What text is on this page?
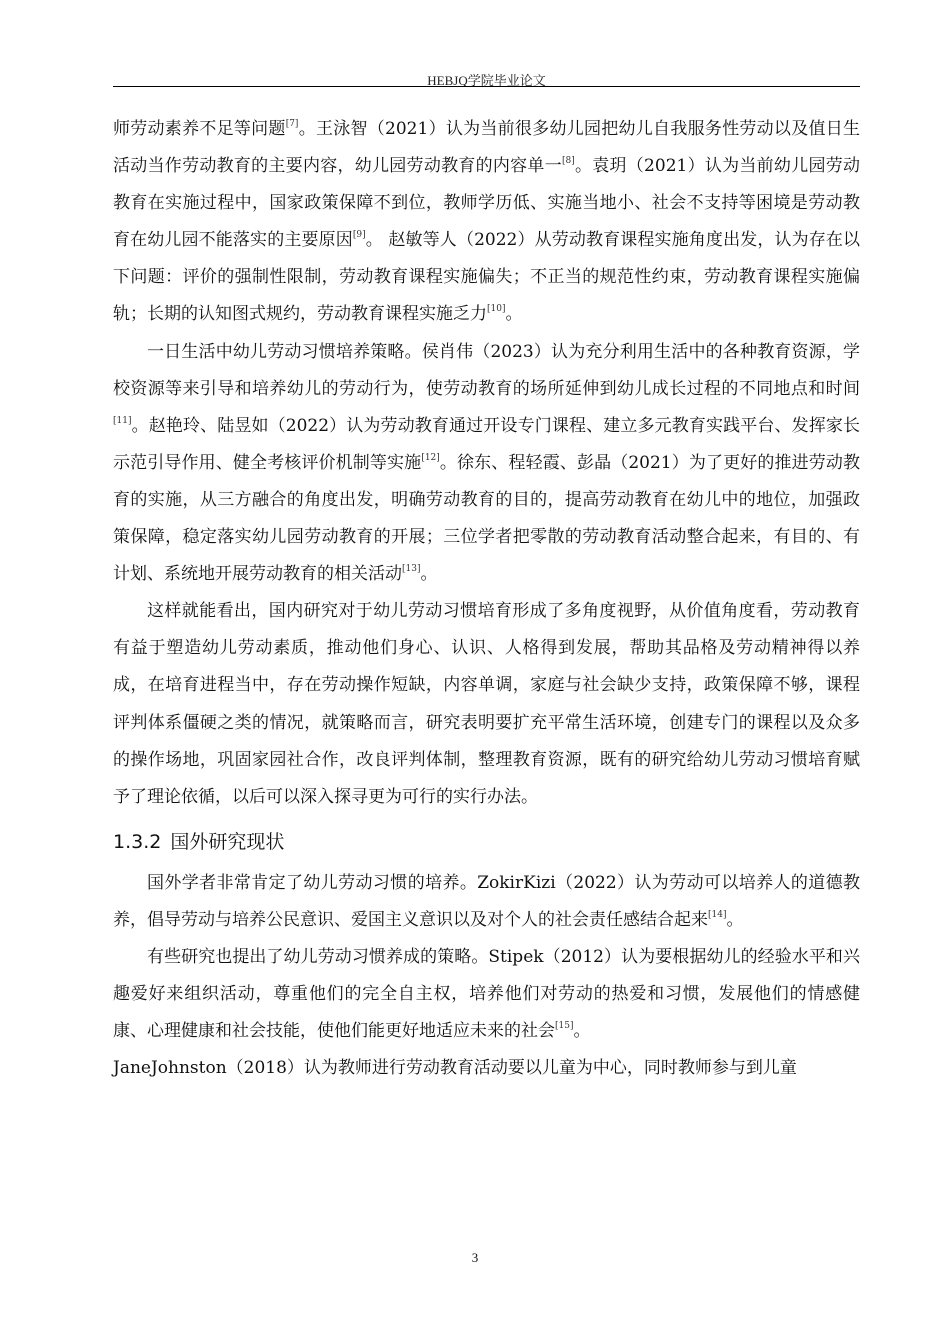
HEBJQ学院毕业论文

师劳动素养不足等问题[7]。王泳智（2021）认为当前很多幼儿园把幼儿自我服务性劳动以及值日生活动当作劳动教育的主要内容，幼儿园劳动教育的内容单一[8]。袁玥（2021）认为当前幼儿园劳动教育在实施过程中，国家政策保障不到位，教师学历低、实施当地小、社会不支持等困境是劳动教育在幼儿园不能落实的主要原因[9]。 赵敏等人（2022）从劳动教育课程实施角度出发，认为存在以下问题：评价的强制性限制，劳动教育课程实施偏失；不正当的规范性约束，劳动教育课程实施偏轨；长期的认知图式规约，劳动教育课程实施乏力[10]。

一日生活中幼儿劳动习惯培养策略。侯肖伟（2023）认为充分利用生活中的各种教育资源，学校资源等来引导和培养幼儿的劳动行为，使劳动教育的场所延伸到幼儿成长过程的不同地点和时间[11]。赵艳玲、陆昱如（2022）认为劳动教育通过开设专门课程、建立多元教育实践平台、发挥家长示范引导作用、健全考核评价机制等实施[12]。徐东、程轻霞、彭晶（2021）为了更好的推进劳动教育的实施，从三方融合的角度出发，明确劳动教育的目的，提高劳动教育在幼儿中的地位，加强政策保障，稳定落实幼儿园劳动教育的开展；三位学者把零散的劳动教育活动整合起来，有目的、有计划、系统地开展劳动教育的相关活动[13]。

这样就能看出，国内研究对于幼儿劳动习惯培育形成了多角度视野，从价值角度看，劳动教育有益于塑造幼儿劳动素质，推动他们身心、认识、人格得到发展，帮助其品格及劳动精神得以养成，在培育进程当中，存在劳动操作短缺，内容单调，家庭与社会缺少支持，政策保障不够，课程评判体系僵硬之类的情况，就策略而言，研究表明要扩充平常生活环境，创建专门的课程以及众多的操作场地，巩固家园社合作，改良评判体制，整理教育资源，既有的研究给幼儿劳动习惯培育赋予了理论依循，以后可以深入探寻更为可行的实行办法。

1.3.2 国外研究现状

国外学者非常肯定了幼儿劳动习惯的培养。ZokirKizi（2022）认为劳动可以培养人的道德教养，倡导劳动与培养公民意识、爱国主义意识以及对个人的社会责任感结合起来[14]。

有些研究也提出了幼儿劳动习惯养成的策略。Stipek（2012）认为要根据幼儿的经验水平和兴趣爱好来组织活动，尊重他们的完全自主权，培养他们对劳动的热爱和习惯，发展他们的情感健康、心理健康和社会技能，使他们能更好地适应未来的社会[15]。

JaneJohnston（2018）认为教师进行劳动教育活动要以儿童为中心，同时教师参与到儿童

3
